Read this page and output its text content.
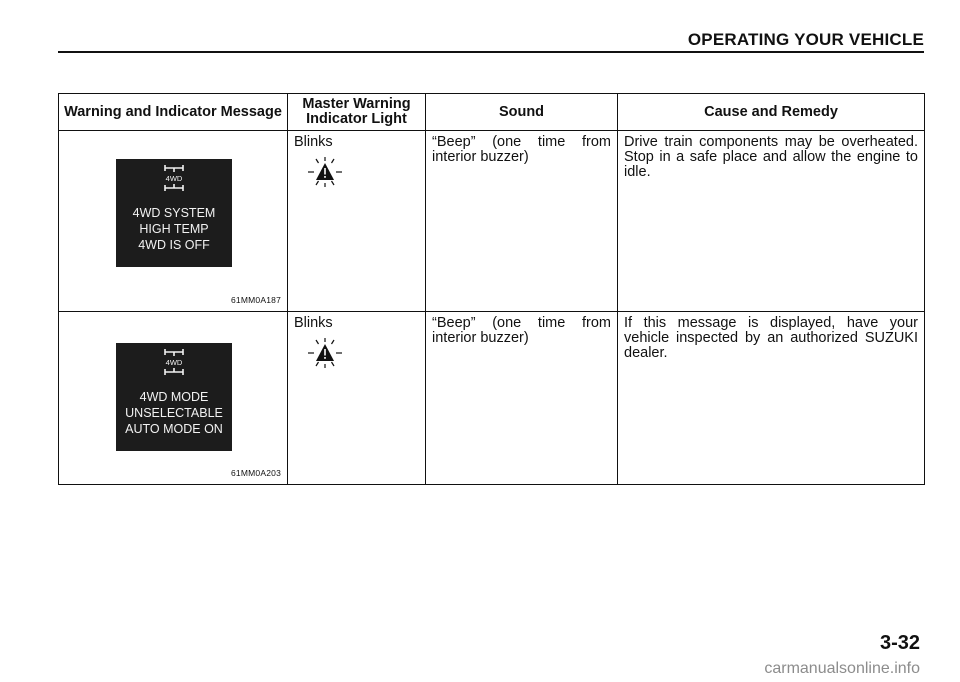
OPERATING YOUR VEHICLE
Warning and Indicator Message	Master Warning Indicator Light	Sound	Cause and Remedy

4WD
4WD SYSTEM
HIGH TEMP
4WD IS OFF
61MM0A187	Blinks	“Beep” (one time from interior buzzer)	Drive train components may be overheated. Stop in a safe place and allow the engine to idle.

4WD
4WD MODE
UNSELECTABLE
AUTO MODE ON
61MM0A203	Blinks	“Beep” (one time from interior buzzer)	If this message is displayed, have your vehicle inspected by an authorized SUZUKI dealer.
3-32
carmanualsonline.info
